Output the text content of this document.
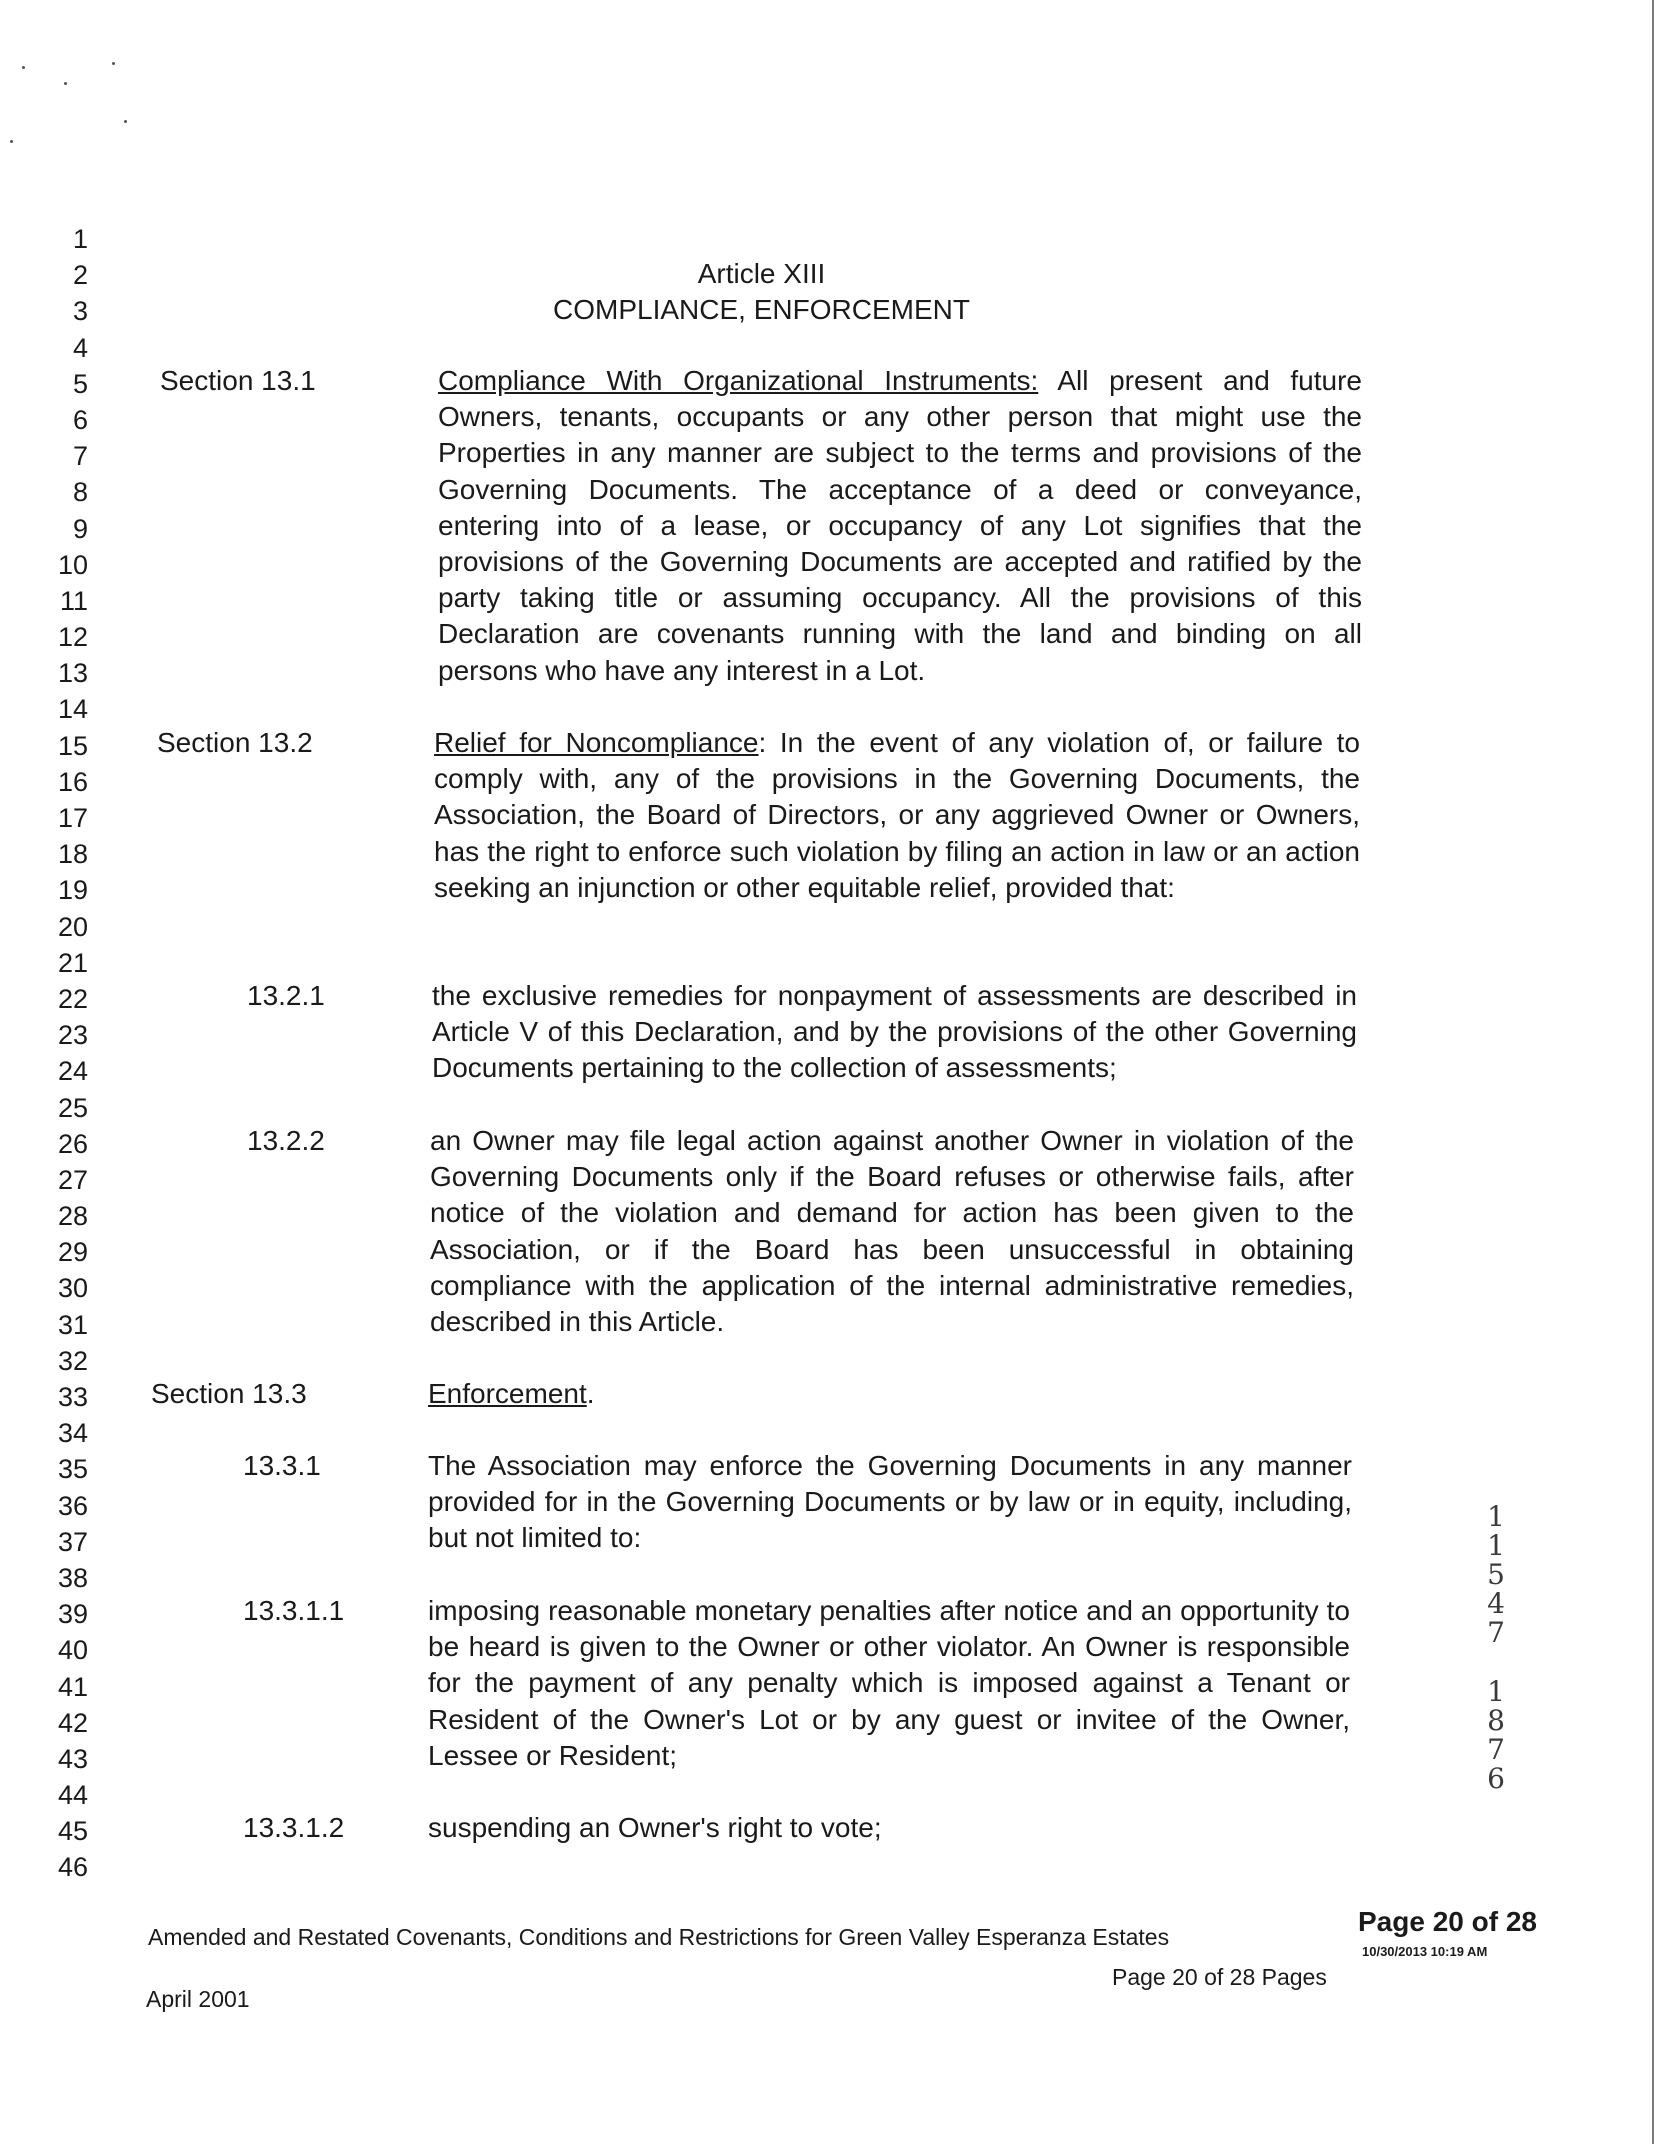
1
2
3
4
5
6
7
8
9
10
11
12
13
14
15
16
17
18
19
20
21
22
23
24
25
26
27
28
29
30
31
32
33
34
35
36
37
38
39
40
41
42
43
44
45
46
Article XIII
COMPLIANCE, ENFORCEMENT
Section 13.1	Compliance With Organizational Instruments: All present and future Owners, tenants, occupants or any other person that might use the Properties in any manner are subject to the terms and provisions of the Governing Documents. The acceptance of a deed or conveyance, entering into of a lease, or occupancy of any Lot signifies that the provisions of the Governing Documents are accepted and ratified by the party taking title or assuming occupancy. All the provisions of this Declaration are covenants running with the land and binding on all persons who have any interest in a Lot.
Section 13.2	Relief for Noncompliance: In the event of any violation of, or failure to comply with, any of the provisions in the Governing Documents, the Association, the Board of Directors, or any aggrieved Owner or Owners, has the right to enforce such violation by filing an action in law or an action seeking an injunction or other equitable relief, provided that:
13.2.1	the exclusive remedies for nonpayment of assessments are described in Article V of this Declaration, and by the provisions of the other Governing Documents pertaining to the collection of assessments;
13.2.2	an Owner may file legal action against another Owner in violation of the Governing Documents only if the Board refuses or otherwise fails, after notice of the violation and demand for action has been given to the Association, or if the Board has been unsuccessful in obtaining compliance with the application of the internal administrative remedies, described in this Article.
Section 13.3	Enforcement.
13.3.1	The Association may enforce the Governing Documents in any manner provided for in the Governing Documents or by law or in equity, including, but not limited to:
13.3.1.1	imposing reasonable monetary penalties after notice and an opportunity to be heard is given to the Owner or other violator. An Owner is responsible for the payment of any penalty which is imposed against a Tenant or Resident of the Owner's Lot or by any guest or invitee of the Owner, Lessee or Resident;
13.3.1.2	suspending an Owner's right to vote;
1
1
5
4
7
1
8
7
6
Amended and Restated Covenants, Conditions and Restrictions for Green Valley Esperanza Estates
Page 20 of 28 Pages
April 2001
Page 20 of 28
10/30/2013 10:19 AM
